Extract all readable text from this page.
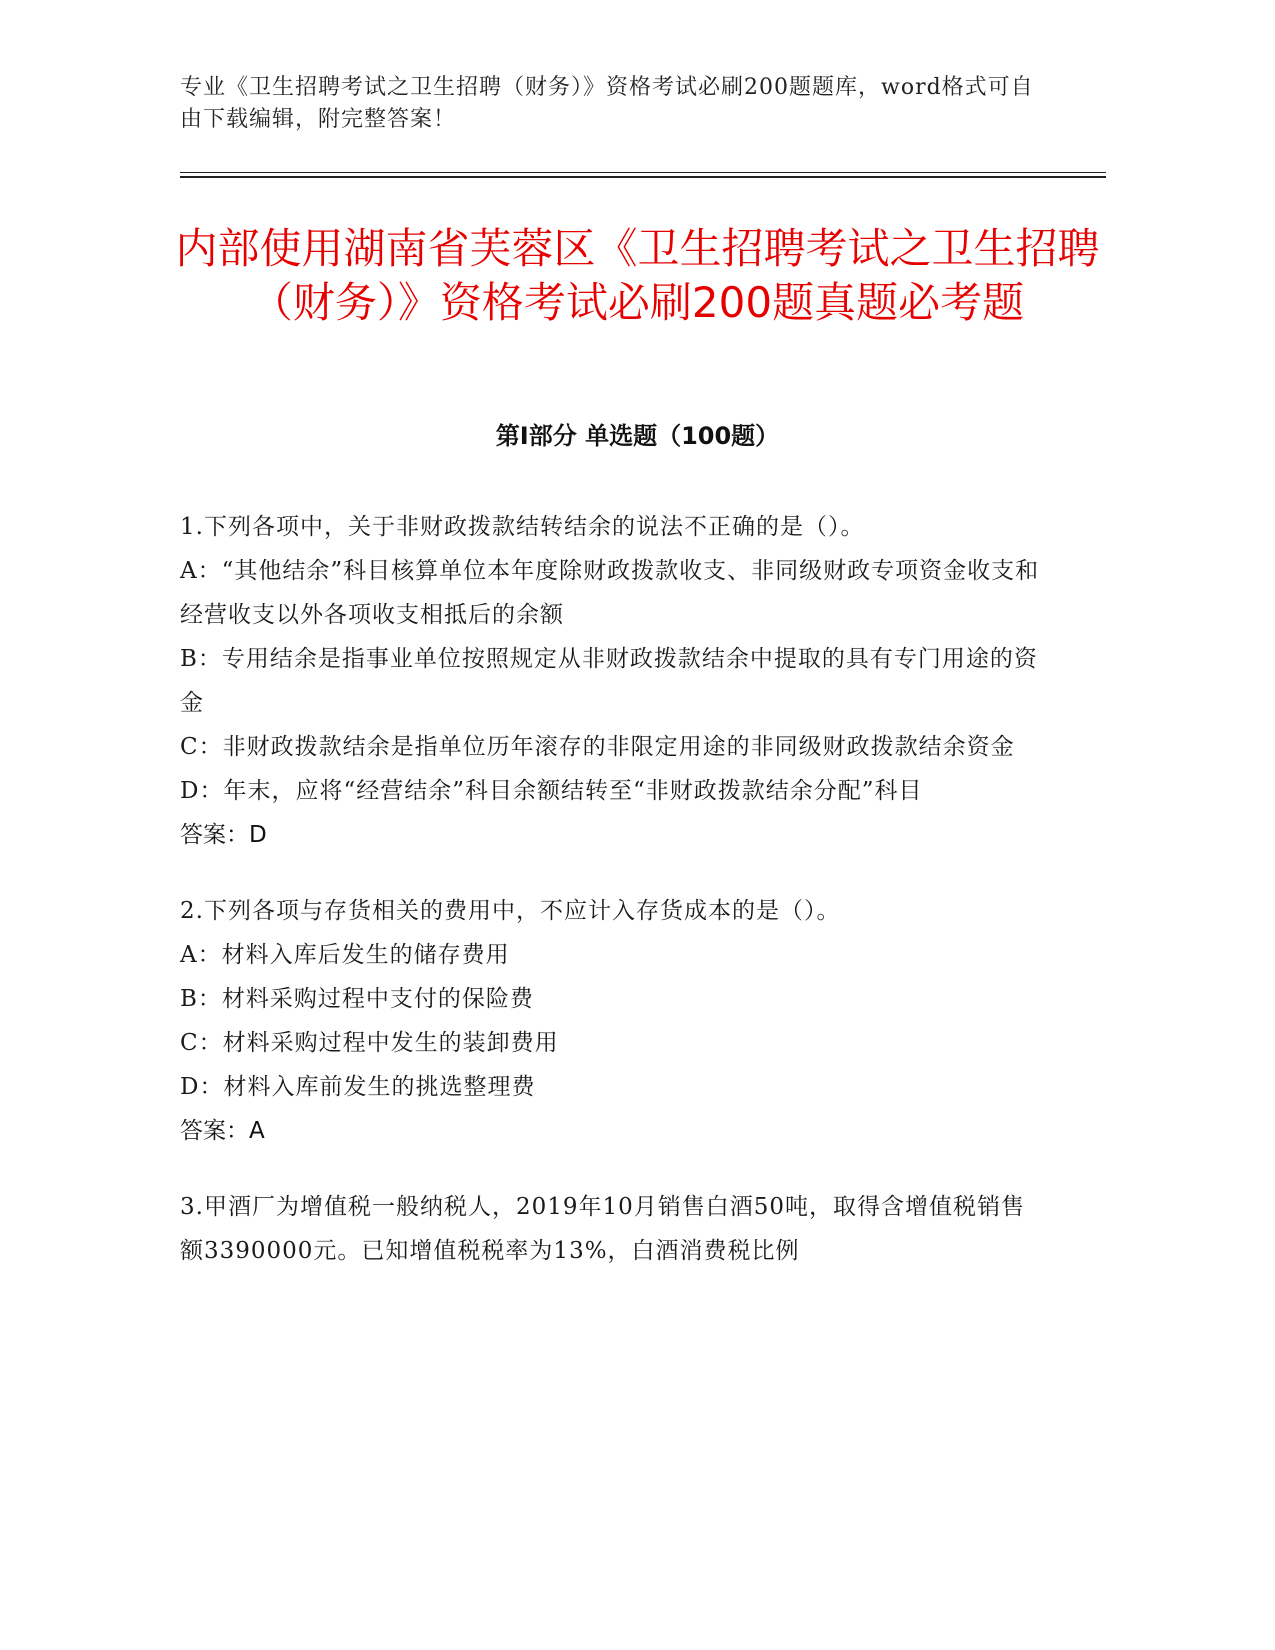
专业《卫生招聘考试之卫生招聘（财务）》资格考试必刷200题题库，word格式可自由下载编辑，附完整答案！
内部使用湖南省芙蓉区《卫生招聘考试之卫生招聘（财务）》资格考试必刷200题真题必考题
第Ⅰ部分 单选题（100题）
1.下列各项中，关于非财政拨款结转结余的说法不正确的是（）。
A：“其他结余”科目核算单位本年度除财政拨款收支、非同级财政专项资金收支和经营收支以外各项收支相抵后的余额
B：专用结余是指事业单位按照规定从非财政拨款结余中提取的具有专门用途的资金
C：非财政拨款结余是指单位历年滚存的非限定用途的非同级财政拨款结余资金
D：年末，应将“经营结余”科目余额结转至“非财政拨款结余分配”科目
答案：D
2.下列各项与存货相关的费用中，不应计入存货成本的是（）。
A：材料入库后发生的储存费用
B：材料采购过程中支付的保险费
C：材料采购过程中发生的装卸费用
D：材料入库前发生的挑选整理费
答案：A
3.甲酒厂为增值税一般纳税人，2019年10月销售白酒50吨，取得含增值税销售额3390000元。已知增值税税率为13%，白酒消费税比例
